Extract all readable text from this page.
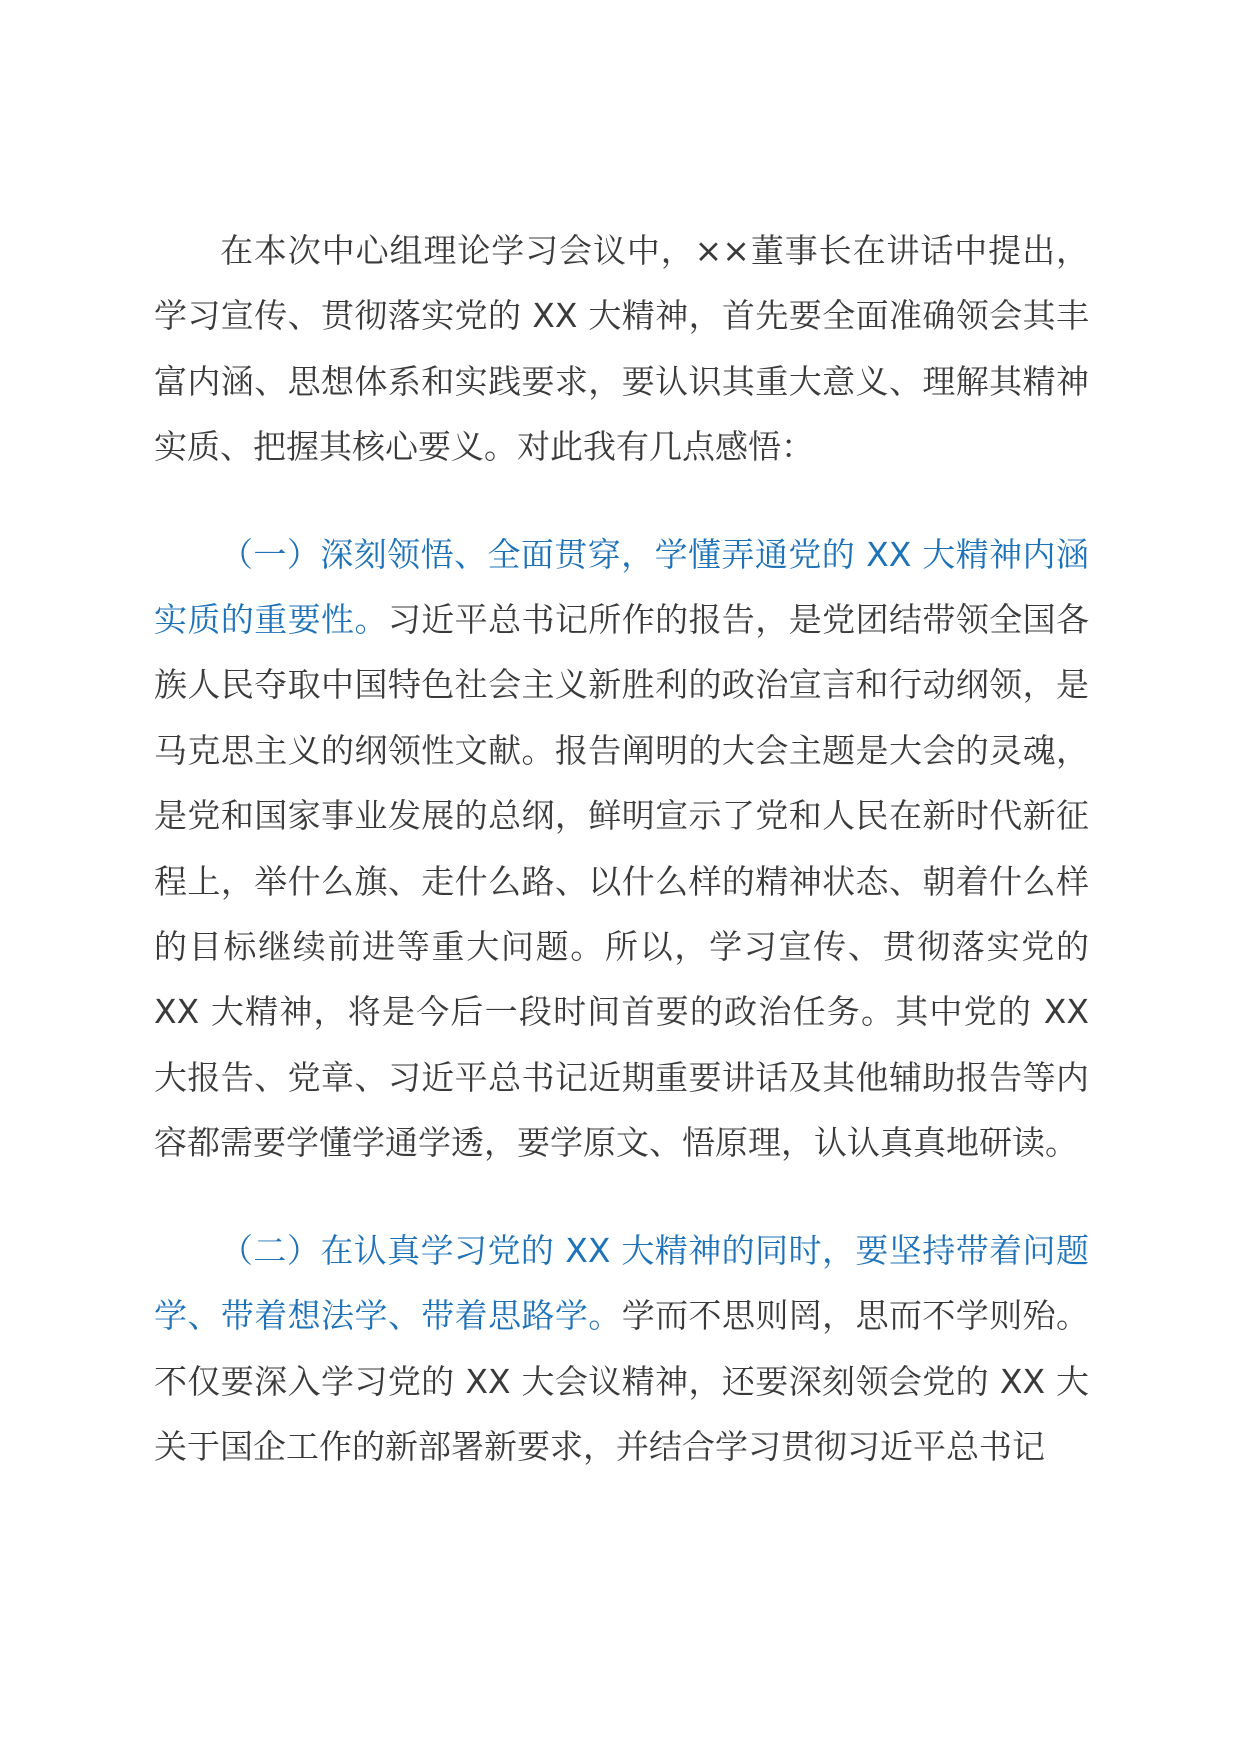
在本次中心组理论学习会议中，××董事长在讲话中提出，学习宣传、贯彻落实党的 XX 大精神，首先要全面准确领会其丰富内涵、思想体系和实践要求，要认识其重大意义、理解其精神实质、把握其核心要义。对此我有几点感悟：

（一）深刻领悟、全面贯穿，学懂弄通党的 XX 大精神内涵实质的重要性。习近平总书记所作的报告，是党团结带领全国各族人民夺取中国特色社会主义新胜利的政治宣言和行动纲领，是马克思主义的纲领性文献。报告阐明的大会主题是大会的灵魂，是党和国家事业发展的总纲，鲜明宣示了党和人民在新时代新征程上，举什么旗、走什么路、以什么样的精神状态、朝着什么样的目标继续前进等重大问题。所以，学习宣传、贯彻落实党的 XX 大精神，将是今后一段时间首要的政治任务。其中党的 XX 大报告、党章、习近平总书记近期重要讲话及其他辅助报告等内容都需要学懂学通学透，要学原文、悟原理，认认真真地研读。

（二）在认真学习党的 XX 大精神的同时，要坚持带着问题学、带着想法学、带着思路学。学而不思则罔，思而不学则殆。不仅要深入学习党的 XX 大会议精神，还要深刻领会党的 XX 大关于国企工作的新部署新要求，并结合学习贯彻习近平总书记
